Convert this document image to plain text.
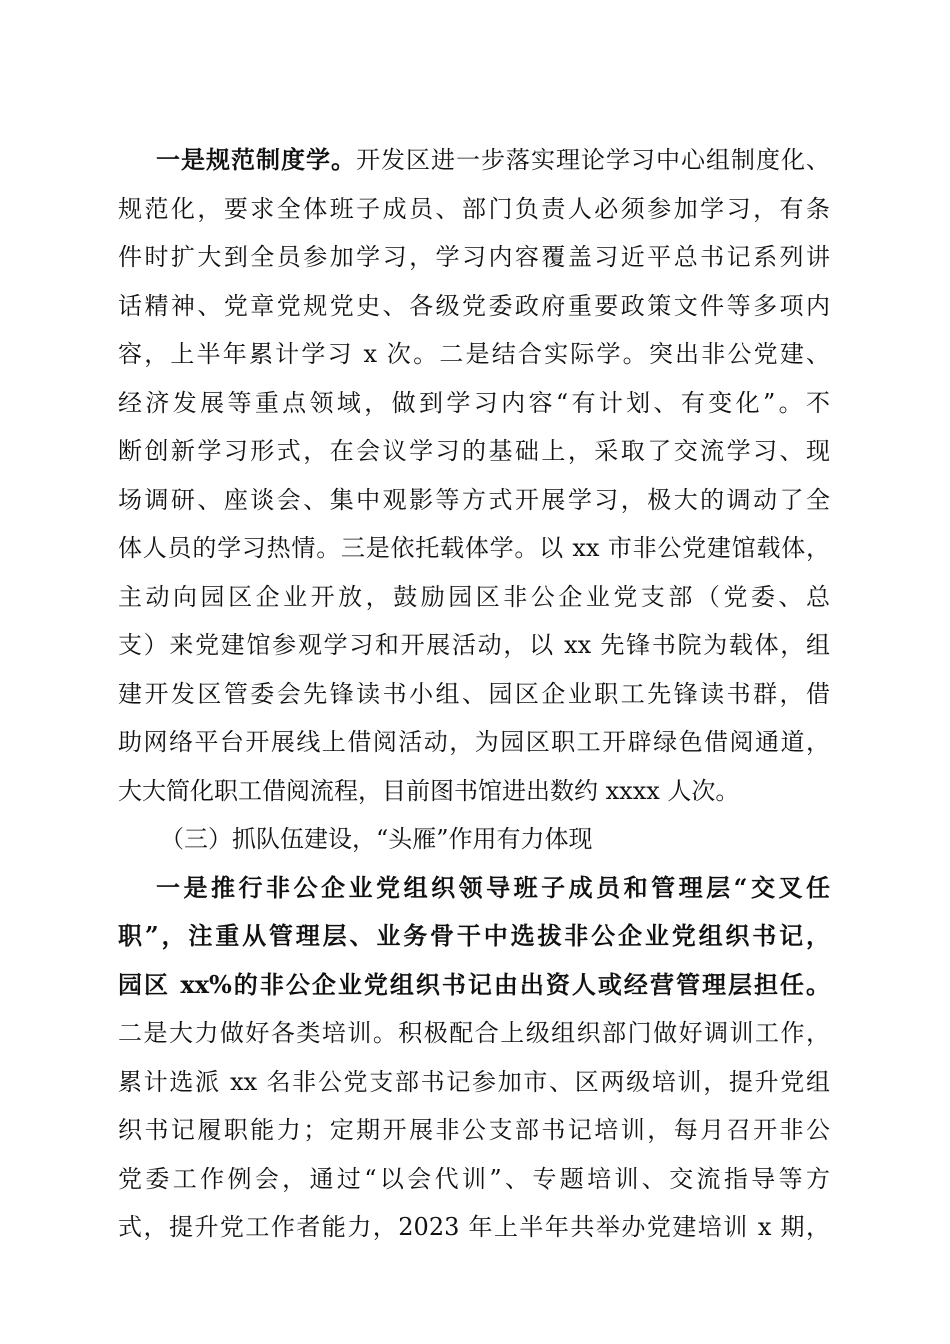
一是规范制度学。开发区进一步落实理论学习中心组制度化、
规范化，要求全体班子成员、部门负责人必须参加学习，有条
件时扩大到全员参加学习，学习内容覆盖习近平总书记系列讲
话精神、党章党规党史、各级党委政府重要政策文件等多项内
容，上半年累计学习 x 次。二是结合实际学。突出非公党建、
经济发展等重点领域，做到学习内容“有计划、有变化”。不
断创新学习形式，在会议学习的基础上，采取了交流学习、现
场调研、座谈会、集中观影等方式开展学习，极大的调动了全
体人员的学习热情。三是依托载体学。以 xx 市非公党建馆载体，
主动向园区企业开放，鼓励园区非公企业党支部（党委、总
支）来党建馆参观学习和开展活动，以 xx 先锋书院为载体，组
建开发区管委会先锋读书小组、园区企业职工先锋读书群，借
助网络平台开展线上借阅活动，为园区职工开辟绿色借阅通道，
大大简化职工借阅流程，目前图书馆进出数约 xxxx 人次。
（三）抓队伍建设，“头雁”作用有力体现
一是推行非公企业党组织领导班子成员和管理层“交叉任
职”，注重从管理层、业务骨干中选拔非公企业党组织书记，
园区 xx%的非公企业党组织书记由出资人或经营管理层担任。
二是大力做好各类培训。积极配合上级组织部门做好调训工作，
累计选派 xx 名非公党支部书记参加市、区两级培训，提升党组
织书记履职能力；定期开展非公支部书记培训，每月召开非公
党委工作例会，通过“以会代训”、专题培训、交流指导等方
式，提升党工作者能力，2023 年上半年共举办党建培训 x 期，
